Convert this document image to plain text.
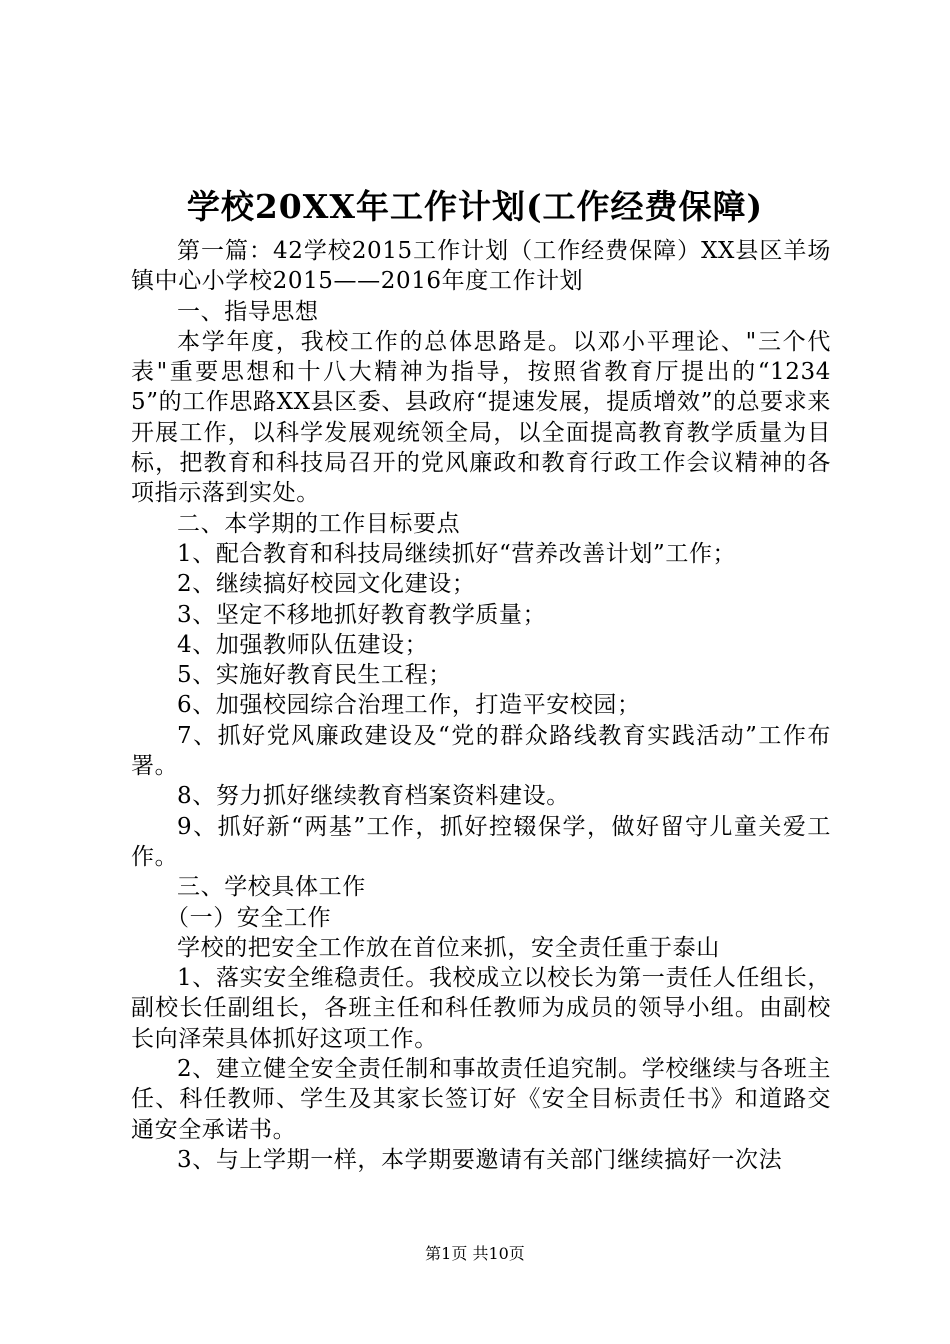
学校20XX年工作计划(工作经费保障)

第一篇：42学校2015工作计划（工作经费保障）XX县区羊场镇中心小学校2015——2016年度工作计划

一、指导思想

本学年度，我校工作的总体思路是。以邓小平理论、"三个代表"重要思想和十八大精神为指导，按照省教育厅提出的“12345”的工作思路XX县区委、县政府“提速发展，提质增效”的总要求来开展工作，以科学发展观统领全局，以全面提高教育教学质量为目标，把教育和科技局召开的党风廉政和教育行政工作会议精神的各项指示落到实处。

二、本学期的工作目标要点

1、配合教育和科技局继续抓好“营养改善计划”工作；

2、继续搞好校园文化建设；

3、坚定不移地抓好教育教学质量；

4、加强教师队伍建设；

5、实施好教育民生工程；

6、加强校园综合治理工作，打造平安校园；

7、抓好党风廉政建设及“党的群众路线教育实践活动”工作布署。

8、努力抓好继续教育档案资料建设。

9、抓好新“两基”工作，抓好控辍保学，做好留守儿童关爱工作。

三、学校具体工作

（一）安全工作

学校的把安全工作放在首位来抓，安全责任重于泰山

1、落实安全维稳责任。我校成立以校长为第一责任人任组长，副校长任副组长，各班主任和科任教师为成员的领导小组。由副校长向泽荣具体抓好这项工作。

2、建立健全安全责任制和事故责任追究制。学校继续与各班主任、科任教师、学生及其家长签订好《安全目标责任书》和道路交通安全承诺书。

3、与上学期一样，本学期要邀请有关部门继续搞好一次法

第1页 共10页
